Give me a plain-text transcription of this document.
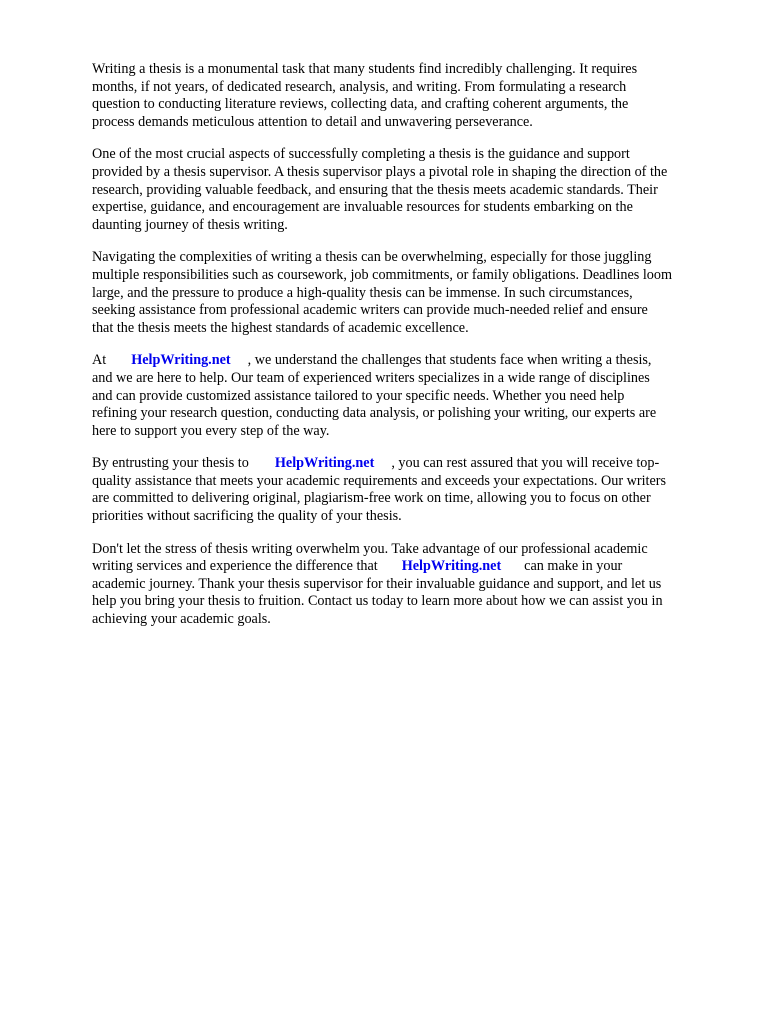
Writing a thesis is a monumental task that many students find incredibly challenging. It requires
months, if not years, of dedicated research, analysis, and writing. From formulating a research
question to conducting literature reviews, collecting data, and crafting coherent arguments, the
process demands meticulous attention to detail and unwavering perseverance.

One of the most crucial aspects of successfully completing a thesis is the guidance and support
provided by a thesis supervisor. A thesis supervisor plays a pivotal role in shaping the direction of the
research, providing valuable feedback, and ensuring that the thesis meets academic standards. Their
expertise, guidance, and encouragement are invaluable resources for students embarking on the
daunting journey of thesis writing.

Navigating the complexities of writing a thesis can be overwhelming, especially for those juggling
multiple responsibilities such as coursework, job commitments, or family obligations. Deadlines loom
large, and the pressure to produce a high-quality thesis can be immense. In such circumstances,
seeking assistance from professional academic writers can provide much-needed relief and ensure
that the thesis meets the highest standards of academic excellence.

At HelpWriting.net , we understand the challenges that students face when writing a thesis,
and we are here to help. Our team of experienced writers specializes in a wide range of disciplines
and can provide customized assistance tailored to your specific needs. Whether you need help
refining your research question, conducting data analysis, or polishing your writing, our experts are
here to support you every step of the way.

By entrusting your thesis to HelpWriting.net , you can rest assured that you will receive top-
quality assistance that meets your academic requirements and exceeds your expectations. Our writers
are committed to delivering original, plagiarism-free work on time, allowing you to focus on other
priorities without sacrificing the quality of your thesis.

Don't let the stress of thesis writing overwhelm you. Take advantage of our professional academic
writing services and experience the difference that HelpWriting.net can make in your
academic journey. Thank your thesis supervisor for their invaluable guidance and support, and let us
help you bring your thesis to fruition. Contact us today to learn more about how we can assist you in
achieving your academic goals.
